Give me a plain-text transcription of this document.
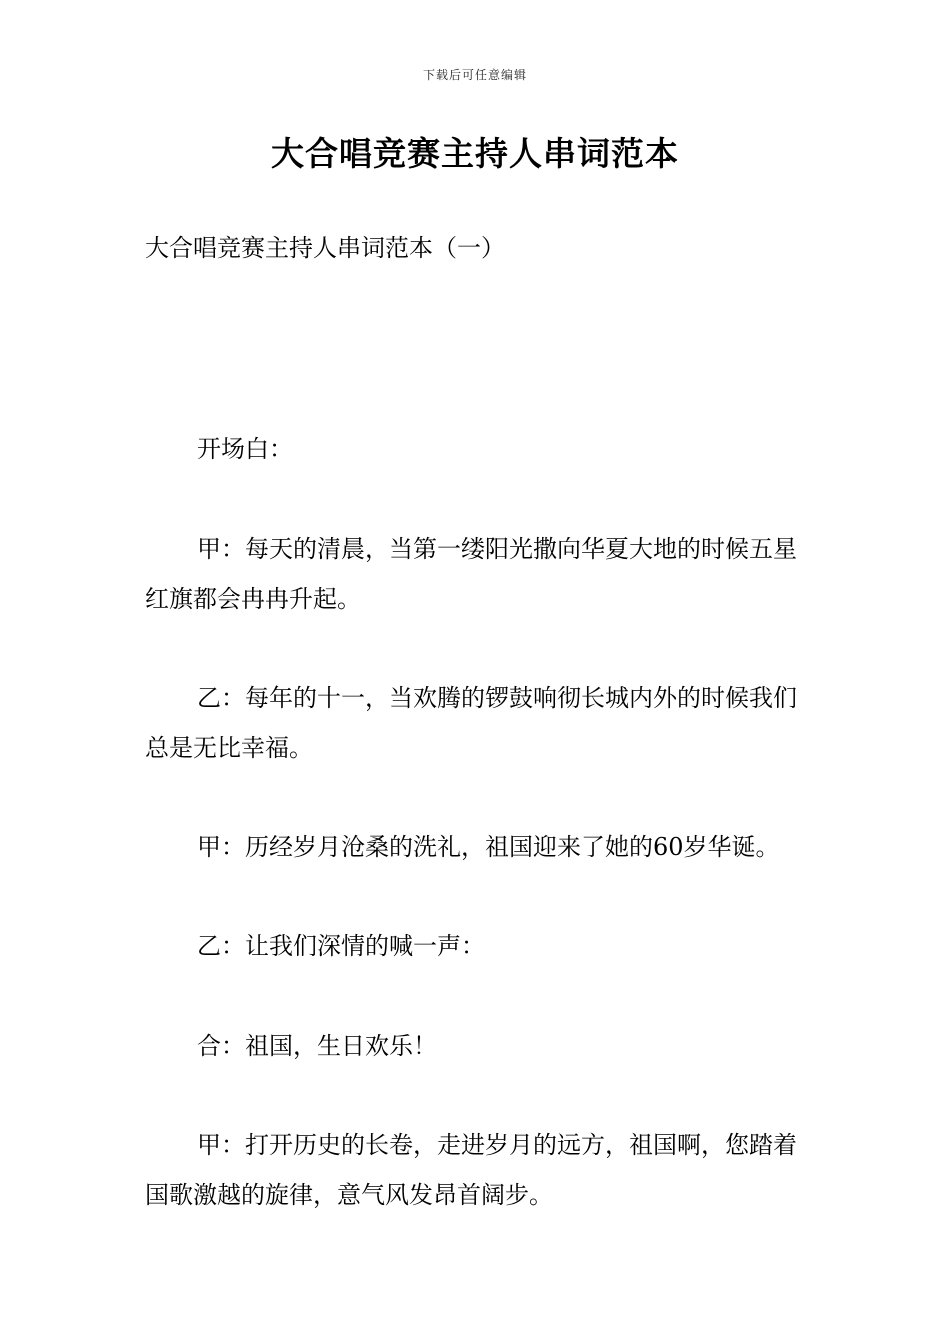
下载后可任意编辑
大合唱竞赛主持人串词范本
大合唱竞赛主持人串词范本（一）

开场白：

甲：每天的清晨，当第一缕阳光撒向华夏大地的时候五星红旗都会冉冉升起。

乙：每年的十一，当欢腾的锣鼓响彻长城内外的时候我们总是无比幸福。

甲：历经岁月沧桑的洗礼，祖国迎来了她的60岁华诞。

乙：让我们深情的喊一声：

合：祖国，生日欢乐！

甲：打开历史的长卷，走进岁月的远方，祖国啊，您踏着国歌激越的旋律，意气风发昂首阔步。
